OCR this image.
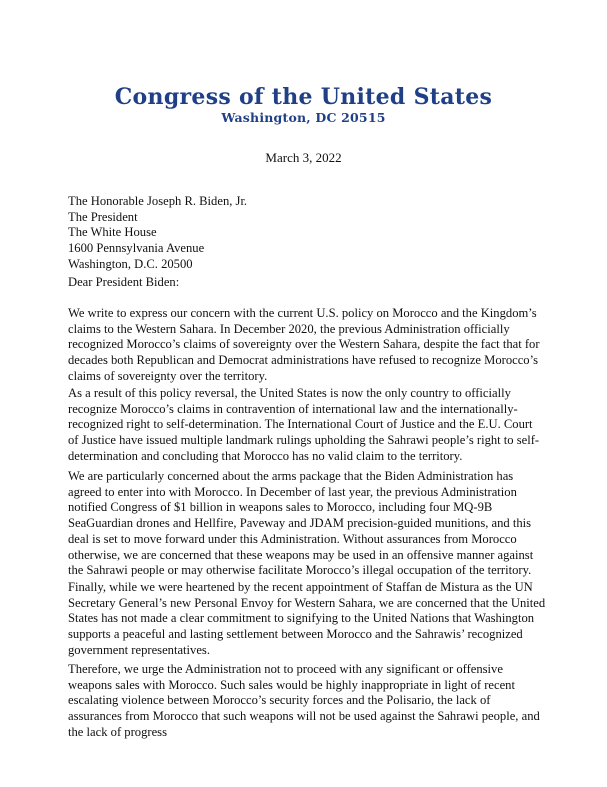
Congress of the United States
Washington, DC 20515
March 3, 2022
The Honorable Joseph R. Biden, Jr.
The President
The White House
1600 Pennsylvania Avenue
Washington, D.C. 20500
Dear President Biden:

We write to express our concern with the current U.S. policy on Morocco and the Kingdom’s claims to the Western Sahara. In December 2020, the previous Administration officially recognized Morocco’s claims of sovereignty over the Western Sahara, despite the fact that for decades both Republican and Democrat administrations have refused to recognize Morocco’s claims of sovereignty over the territory.

As a result of this policy reversal, the United States is now the only country to officially recognize Morocco’s claims in contravention of international law and the internationally-recognized right to self-determination. The International Court of Justice and the E.U. Court of Justice have issued multiple landmark rulings upholding the Sahrawi people’s right to self-determination and concluding that Morocco has no valid claim to the territory.

We are particularly concerned about the arms package that the Biden Administration has agreed to enter into with Morocco. In December of last year, the previous Administration notified Congress of $1 billion in weapons sales to Morocco, including four MQ-9B SeaGuardian drones and Hellfire, Paveway and JDAM precision-guided munitions, and this deal is set to move forward under this Administration. Without assurances from Morocco otherwise, we are concerned that these weapons may be used in an offensive manner against the Sahrawi people or may otherwise facilitate Morocco’s illegal occupation of the territory.

Finally, while we were heartened by the recent appointment of Staffan de Mistura as the UN Secretary General’s new Personal Envoy for Western Sahara, we are concerned that the United States has not made a clear commitment to signifying to the United Nations that Washington supports a peaceful and lasting settlement between Morocco and the Sahrawis’ recognized government representatives.

Therefore, we urge the Administration not to proceed with any significant or offensive weapons sales with Morocco. Such sales would be highly inappropriate in light of recent escalating violence between Morocco’s security forces and the Polisario, the lack of assurances from Morocco that such weapons will not be used against the Sahrawi people, and the lack of progress
